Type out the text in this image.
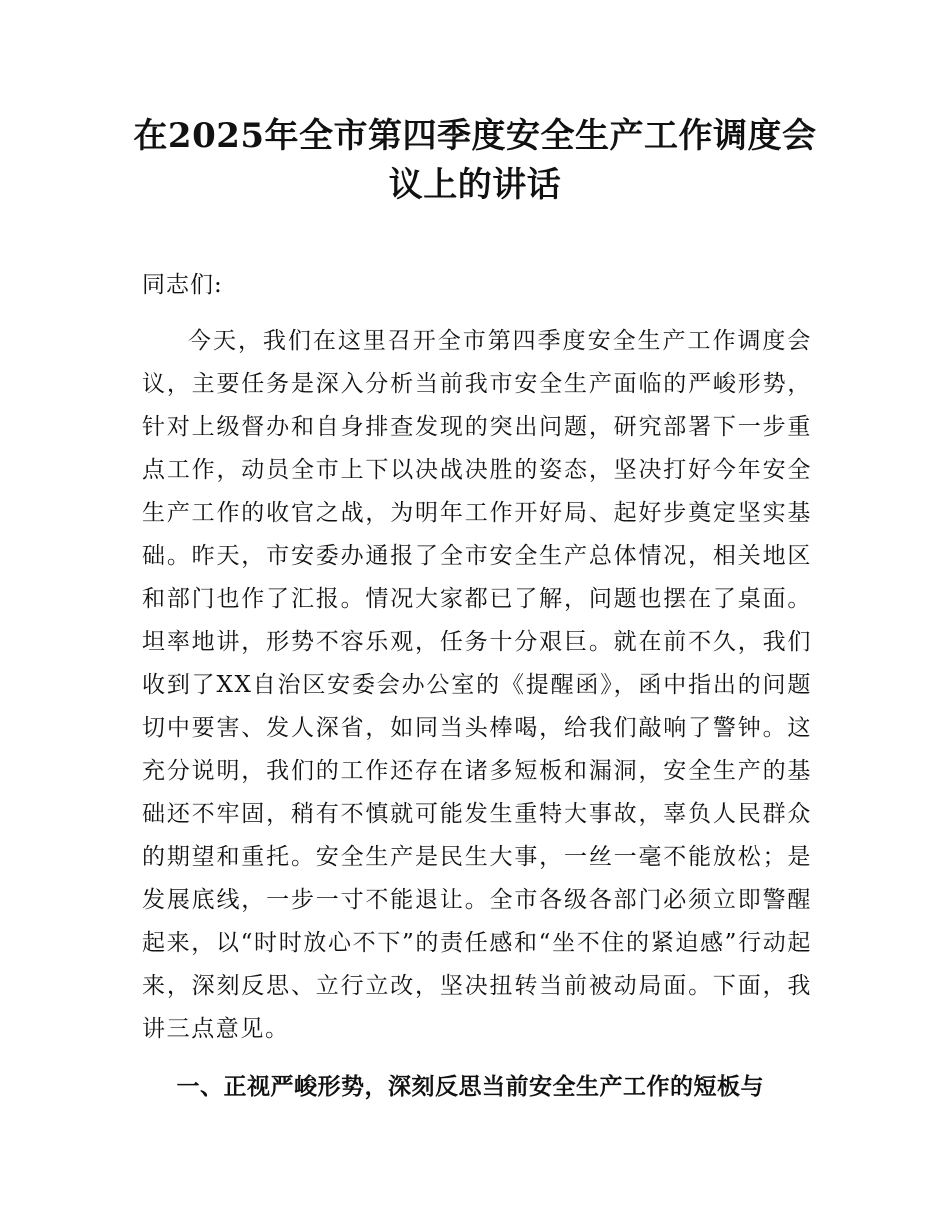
在2025年全市第四季度安全生产工作调度会议上的讲话

同志们:

今天，我们在这里召开全市第四季度安全生产工作调度会议，主要任务是深入分析当前我市安全生产面临的严峻形势，针对上级督办和自身排查发现的突出问题，研究部署下一步重点工作，动员全市上下以决战决胜的姿态，坚决打好今年安全生产工作的收官之战，为明年工作开好局、起好步奠定坚实基础。昨天，市安委办通报了全市安全生产总体情况，相关地区和部门也作了汇报。情况大家都已了解，问题也摆在了桌面。坦率地讲，形势不容乐观，任务十分艰巨。就在前不久，我们收到了XX自治区安委会办公室的《提醒函》，函中指出的问题切中要害、发人深省，如同当头棒喝，给我们敲响了警钟。这充分说明，我们的工作还存在诸多短板和漏洞，安全生产的基础还不牢固，稍有不慎就可能发生重特大事故，辜负人民群众的期望和重托。安全生产是民生大事，一丝一毫不能放松；是发展底线，一步一寸不能退让。全市各级各部门必须立即警醒起来，以“时时放心不下”的责任感和“坐不住的紧迫感”行动起来，深刻反思、立行立改，坚决扭转当前被动局面。下面，我讲三点意见。

一、正视严峻形势，深刻反思当前安全生产工作的短板与
